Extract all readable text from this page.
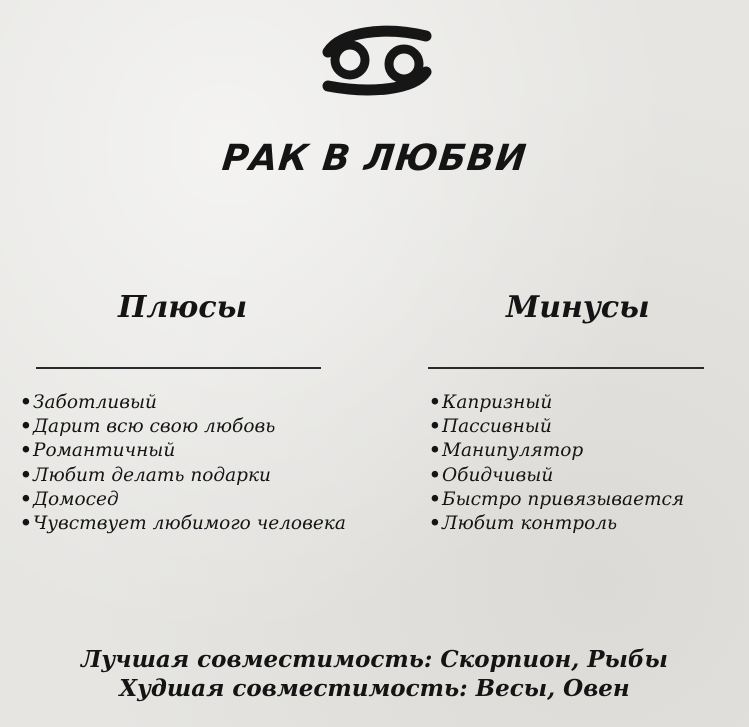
РАК В ЛЮБВИ
Плюсы	Минусы
• Заботливый
• Дарит всю свою любовь
• Романтичный
• Любит делать подарки
• Домосед
• Чувствует любимого человека
• Капризный
• Пассивный
• Манипулятор
• Обидчивый
• Быстро привязывается
• Любит контроль
Лучшая совместимость: Скорпион, Рыбы
Худшая совместимость: Весы, Овен
